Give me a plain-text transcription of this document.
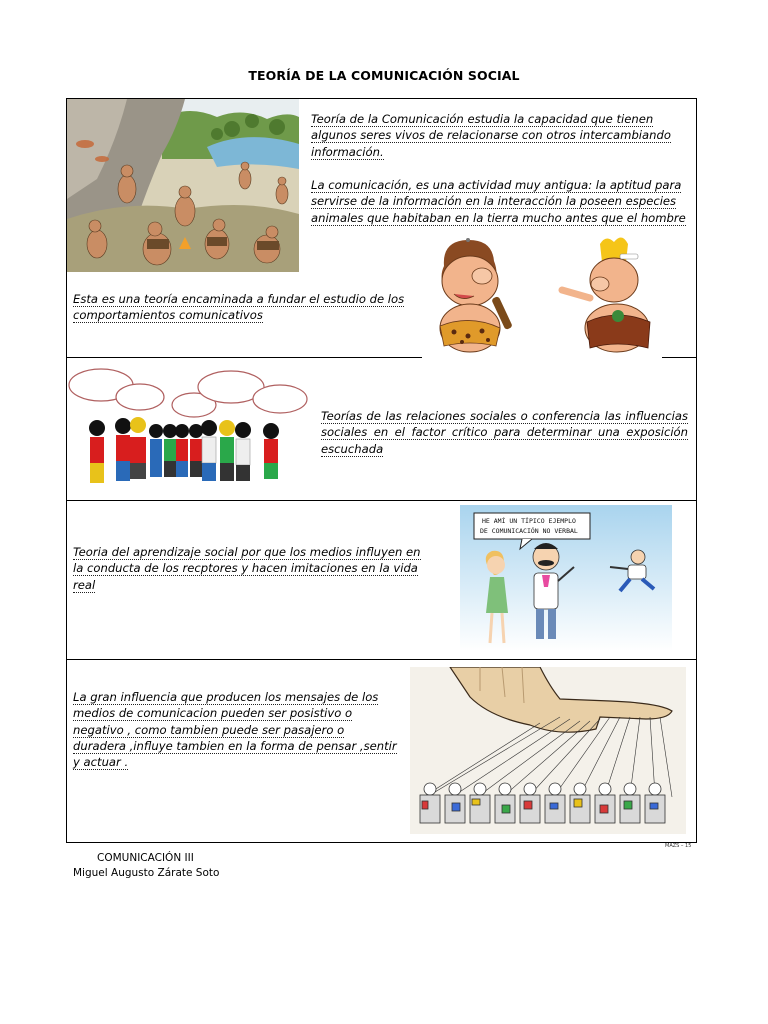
TEORÍA DE LA COMUNICACIÓN SOCIAL
Teoría de la Comunicación estudia la capacidad que tienen algunos seres vivos de relacionarse con otros intercambiando información.
La comunicación, es una actividad muy antigua: la aptitud para servirse de la información en la interacción la poseen especies animales que habitaban en la tierra mucho antes que el hombre
Esta es una teoría encaminada a fundar el estudio de los comportamientos comunicativos
Teorías de las relaciones sociales o conferencia las influencias sociales en el factor crítico para determinar una exposición escuchada
Teoria del aprendizaje social por que los medios influyen en la conducta de los recptores y hacen imitaciones en la vida real
HE AMÍ UN TÍPICO EJEMPLO
DE COMUNICACIÓN NO VERBAL
La gran influencia que producen los mensajes de los medios de comunicacion pueden ser posistivo o negativo , como tambien puede ser pasajero o duradera ,influye tambien en la forma de pensar ,sentir y actuar .
MAZS – 15
COMUNICACIÓN III
Miguel Augusto Zárate Soto
